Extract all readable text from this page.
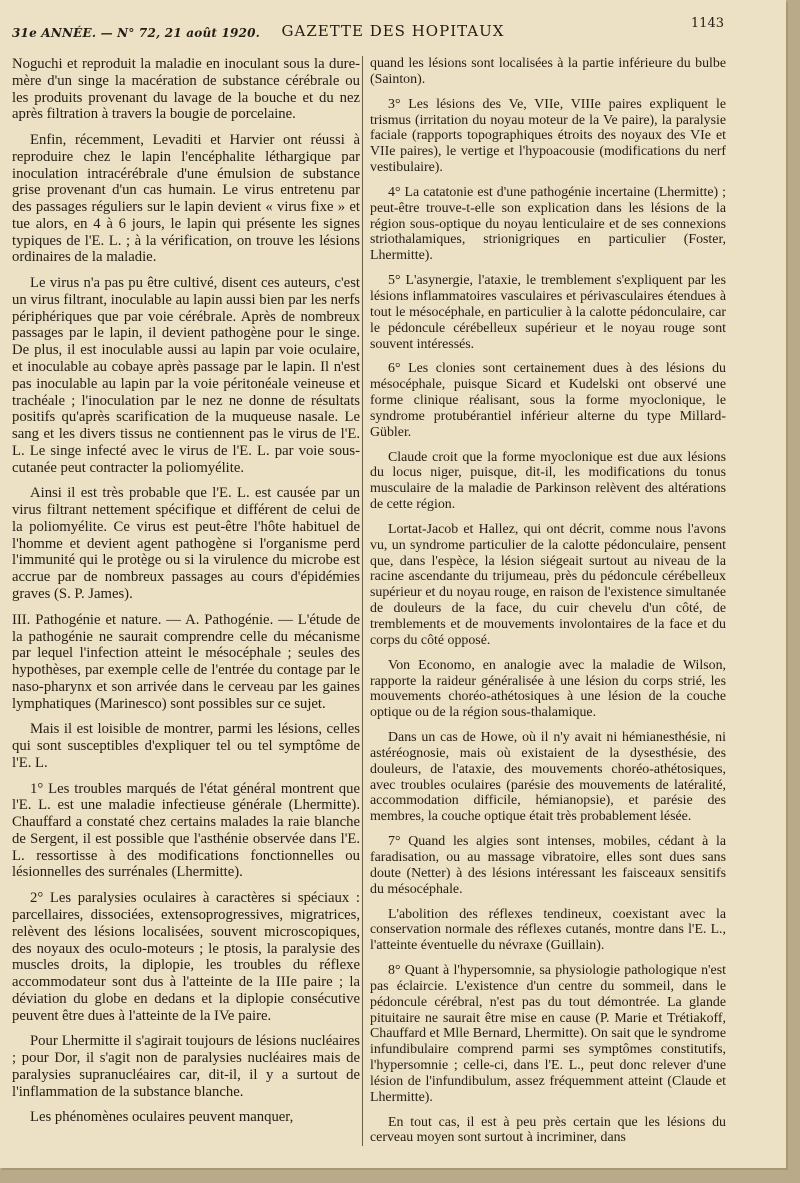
31e ANNÉE. — N° 72, 21 août 1920.	GAZETTE DES HOPITAUX	1143

Noguchi et reproduit la maladie en inoculant sous la dure-mère d'un singe la macération de substance cérébrale ou les produits provenant du lavage de la bouche et du nez après filtration à travers la bougie de porcelaine.

Enfin, récemment, Levaditi et Harvier ont réussi à reproduire chez le lapin l'encéphalite léthargique par inoculation intracérébrale d'une émulsion de substance grise provenant d'un cas humain. Le virus entretenu par des passages réguliers sur le lapin devient « virus fixe » et tue alors, en 4 à 6 jours, le lapin qui présente les signes typiques de l'E. L. ; à la vérification, on trouve les lésions ordinaires de la maladie.

Le virus n'a pas pu être cultivé, disent ces auteurs, c'est un virus filtrant, inoculable au lapin aussi bien par les nerfs périphériques que par voie cérébrale. Après de nombreux passages par le lapin, il devient pathogène pour le singe. De plus, il est inoculable aussi au lapin par voie oculaire, et inoculable au cobaye après passage par le lapin. Il n'est pas inoculable au lapin par la voie péritonéale veineuse et trachéale ; l'inoculation par le nez ne donne de résultats positifs qu'après scarification de la muqueuse nasale. Le sang et les divers tissus ne contiennent pas le virus de l'E. L. Le singe infecté avec le virus de l'E. L. par voie sous-cutanée peut contracter la poliomyélite.

Ainsi il est très probable que l'E. L. est causée par un virus filtrant nettement spécifique et différent de celui de la poliomyélite. Ce virus est peut-être l'hôte habituel de l'homme et devient agent pathogène si l'organisme perd l'immunité qui le protège ou si la virulence du microbe est accrue par de nombreux passages au cours d'épidémies graves (S. P. James).

III. Pathogénie et nature. — A. Pathogénie. — L'étude de la pathogénie ne saurait comprendre celle du mécanisme par lequel l'infection atteint le mésocéphale ; seules des hypothèses, par exemple celle de l'entrée du contage par le naso-pharynx et son arrivée dans le cerveau par les gaines lymphatiques (Marinesco) sont possibles sur ce sujet.

Mais il est loisible de montrer, parmi les lésions, celles qui sont susceptibles d'expliquer tel ou tel symptôme de l'E. L.

1° Les troubles marqués de l'état général montrent que l'E. L. est une maladie infectieuse générale (Lhermitte). Chauffard a constaté chez certains malades la raie blanche de Sergent, il est possible que l'asthénie observée dans l'E. L. ressortisse à des modifications fonctionnelles ou lésionnelles des surrénales (Lhermitte).

2° Les paralysies oculaires à caractères si spéciaux : parcellaires, dissociées, extensoprogressives, migratrices, relèvent des lésions localisées, souvent microscopiques, des noyaux des oculo-moteurs ; le ptosis, la paralysie des muscles droits, la diplopie, les troubles du réflexe accommodateur sont dus à l'atteinte de la IIIe paire ; la déviation du globe en dedans et la diplopie consécutive peuvent être dues à l'atteinte de la IVe paire.

Pour Lhermitte il s'agirait toujours de lésions nucléaires ; pour Dor, il s'agit non de paralysies nucléaires mais de paralysies supranucléaires car, dit-il, il y a surtout de l'inflammation de la substance blanche.

Les phénomènes oculaires peuvent manquer,

quand les lésions sont localisées à la partie inférieure du bulbe (Sainton).

3° Les lésions des Ve, VIIe, VIIIe paires expliquent le trismus (irritation du noyau moteur de la Ve paire), la paralysie faciale (rapports topographiques étroits des noyaux des VIe et VIIe paires), le vertige et l'hypoacousie (modifications du nerf vestibulaire).

4° La catatonie est d'une pathogénie incertaine (Lhermitte) ; peut-être trouve-t-elle son explication dans les lésions de la région sous-optique du noyau lenticulaire et de ses connexions striothalamiques, strionigriques en particulier (Foster, Lhermitte).

5° L'asynergie, l'ataxie, le tremblement s'expliquent par les lésions inflammatoires vasculaires et périvasculaires étendues à tout le mésocéphale, en particulier à la calotte pédonculaire, car le pédoncule cérébelleux supérieur et le noyau rouge sont souvent intéressés.

6° Les clonies sont certainement dues à des lésions du mésocéphale, puisque Sicard et Kudelski ont observé une forme clinique réalisant, sous la forme myoclonique, le syndrome protubérantiel inférieur alterne du type Millard-Gübler.

Claude croit que la forme myoclonique est due aux lésions du locus niger, puisque, dit-il, les modifications du tonus musculaire de la maladie de Parkinson relèvent des altérations de cette région.

Lortat-Jacob et Hallez, qui ont décrit, comme nous l'avons vu, un syndrome particulier de la calotte pédonculaire, pensent que, dans l'espèce, la lésion siégeait surtout au niveau de la racine ascendante du trijumeau, près du pédoncule cérébelleux supérieur et du noyau rouge, en raison de l'existence simultanée de douleurs de la face, du cuir chevelu d'un côté, de tremblements et de mouvements involontaires de la face et du corps du côté opposé.

Von Economo, en analogie avec la maladie de Wilson, rapporte la raideur généralisée à une lésion du corps strié, les mouvements choréo-athétosiques à une lésion de la couche optique ou de la région sous-thalamique.

Dans un cas de Howe, où il n'y avait ni hémianesthésie, ni astéréognosie, mais où existaient de la dysesthésie, des douleurs, de l'ataxie, des mouvements choréo-athétosiques, avec troubles oculaires (parésie des mouvements de latéralité, accommodation difficile, hémianopsie), et parésie des membres, la couche optique était très probablement lésée.

7° Quand les algies sont intenses, mobiles, cédant à la faradisation, ou au massage vibratoire, elles sont dues sans doute (Netter) à des lésions intéressant les faisceaux sensitifs du mésocéphale.

L'abolition des réflexes tendineux, coexistant avec la conservation normale des réflexes cutanés, montre dans l'E. L., l'atteinte éventuelle du névraxe (Guillain).

8° Quant à l'hypersomnie, sa physiologie pathologique n'est pas éclaircie. L'existence d'un centre du sommeil, dans le pédoncule cérébral, n'est pas du tout démontrée. La glande pituitaire ne saurait être mise en cause (P. Marie et Trétiakoff, Chauffard et Mlle Bernard, Lhermitte). On sait que le syndrome infundibulaire comprend parmi ses symptômes constitutifs, l'hypersomnie ; celle-ci, dans l'E. L., peut donc relever d'une lésion de l'infundibulum, assez fréquemment atteint (Claude et Lhermitte).

En tout cas, il est à peu près certain que les lésions du cerveau moyen sont surtout à incriminer, dans
